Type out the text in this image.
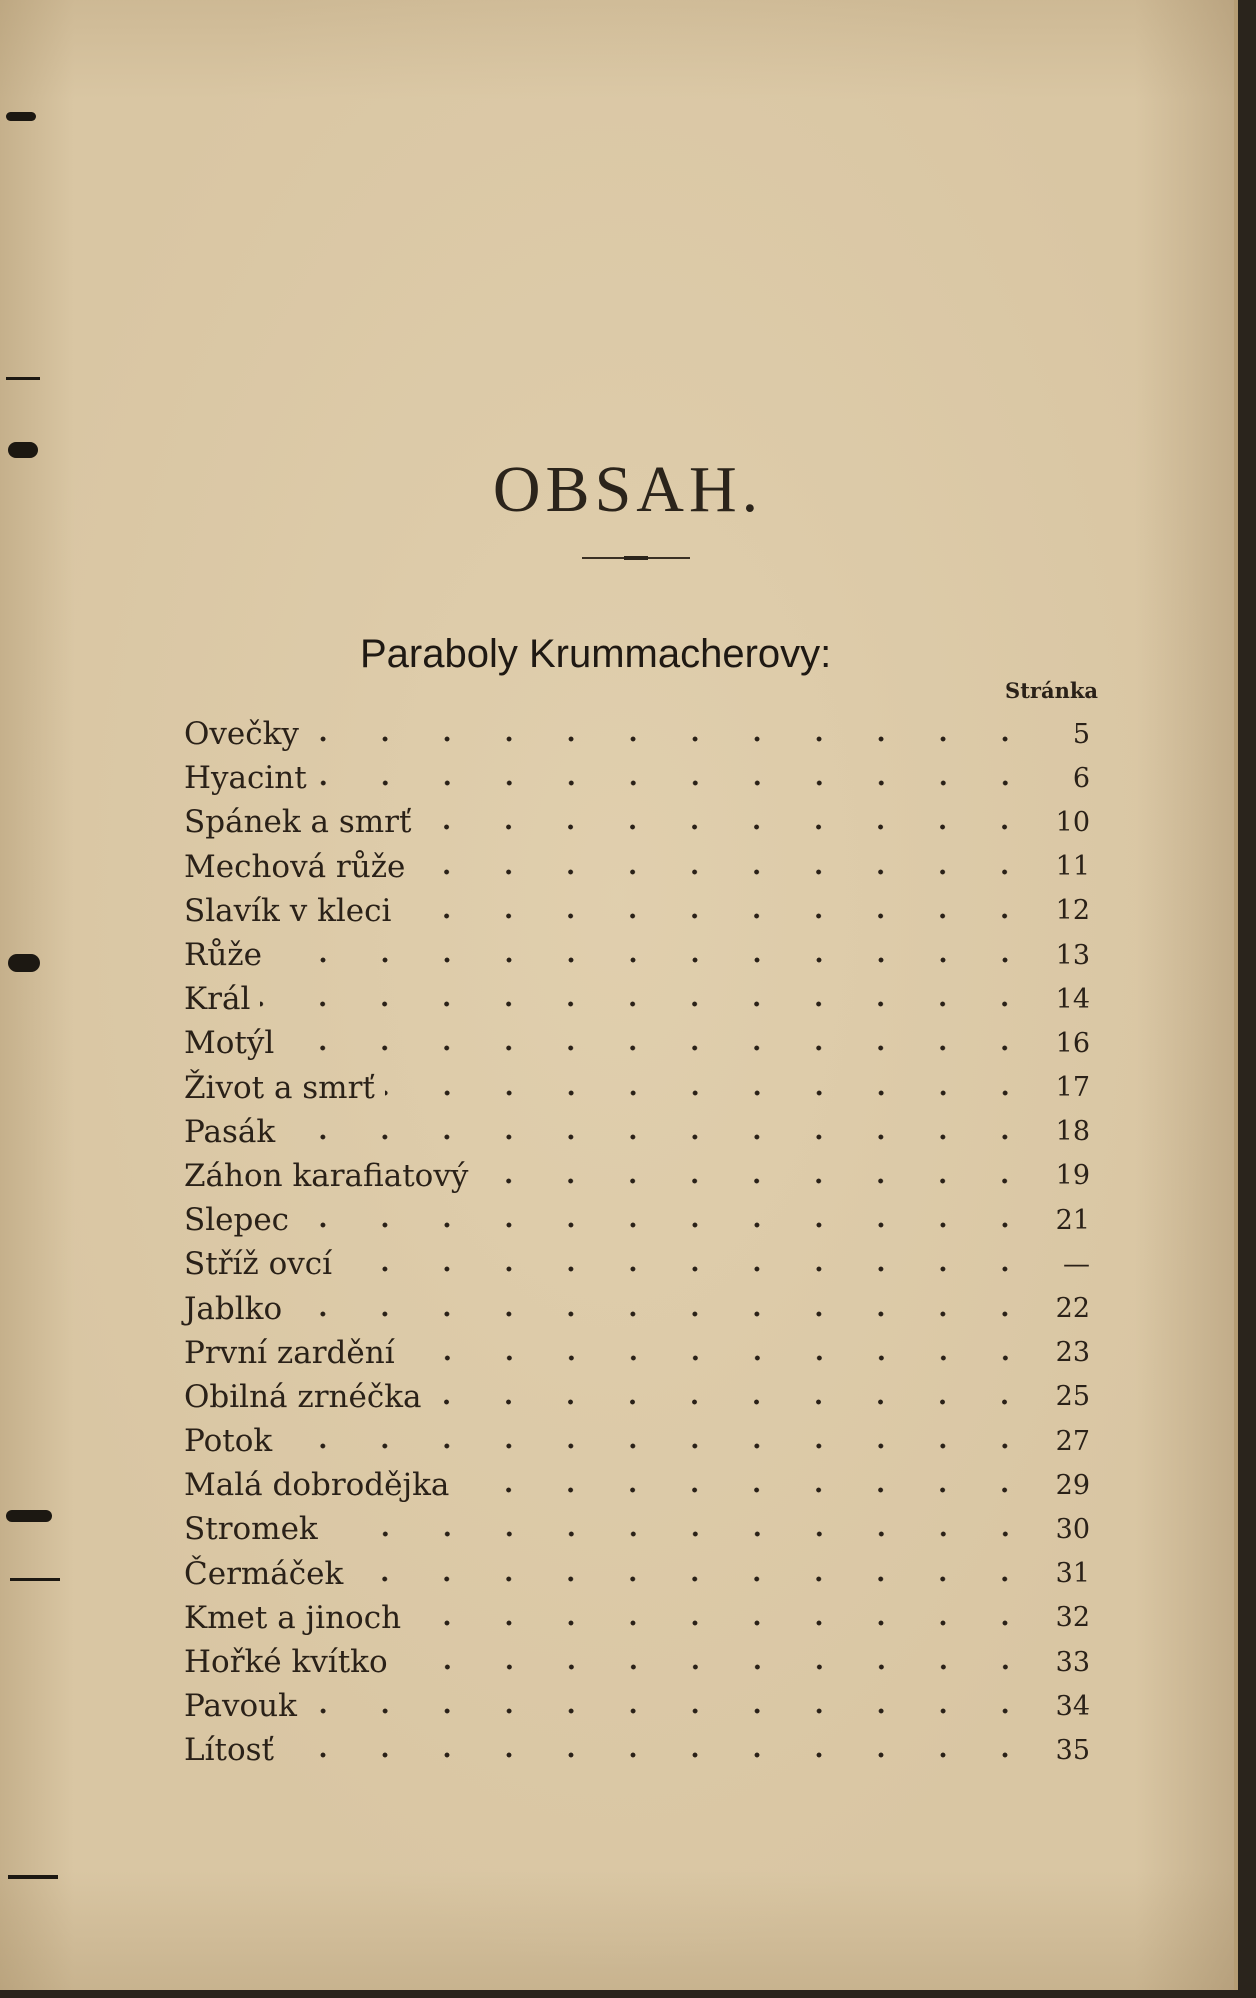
OBSAH.
Paraboly Krummacherovy:
Stránka
Ovečky	5
Hyacint	6
Spánek a smrť	10
Mechová růže	11
Slavík v kleci	12
Růže	13
Král	14
Motýl	16
Život a smrť	17
Pasák	18
Záhon karafiatový	19
Slepec	21
Stříž ovcí	—
Jablko	22
První zardění	23
Obilná zrnéčka	25
Potok	27
Malá dobrodějka	29
Stromek	30
Čermáček	31
Kmet a jinoch	32
Hořké kvítko	33
Pavouk	34
Lítosť	35
